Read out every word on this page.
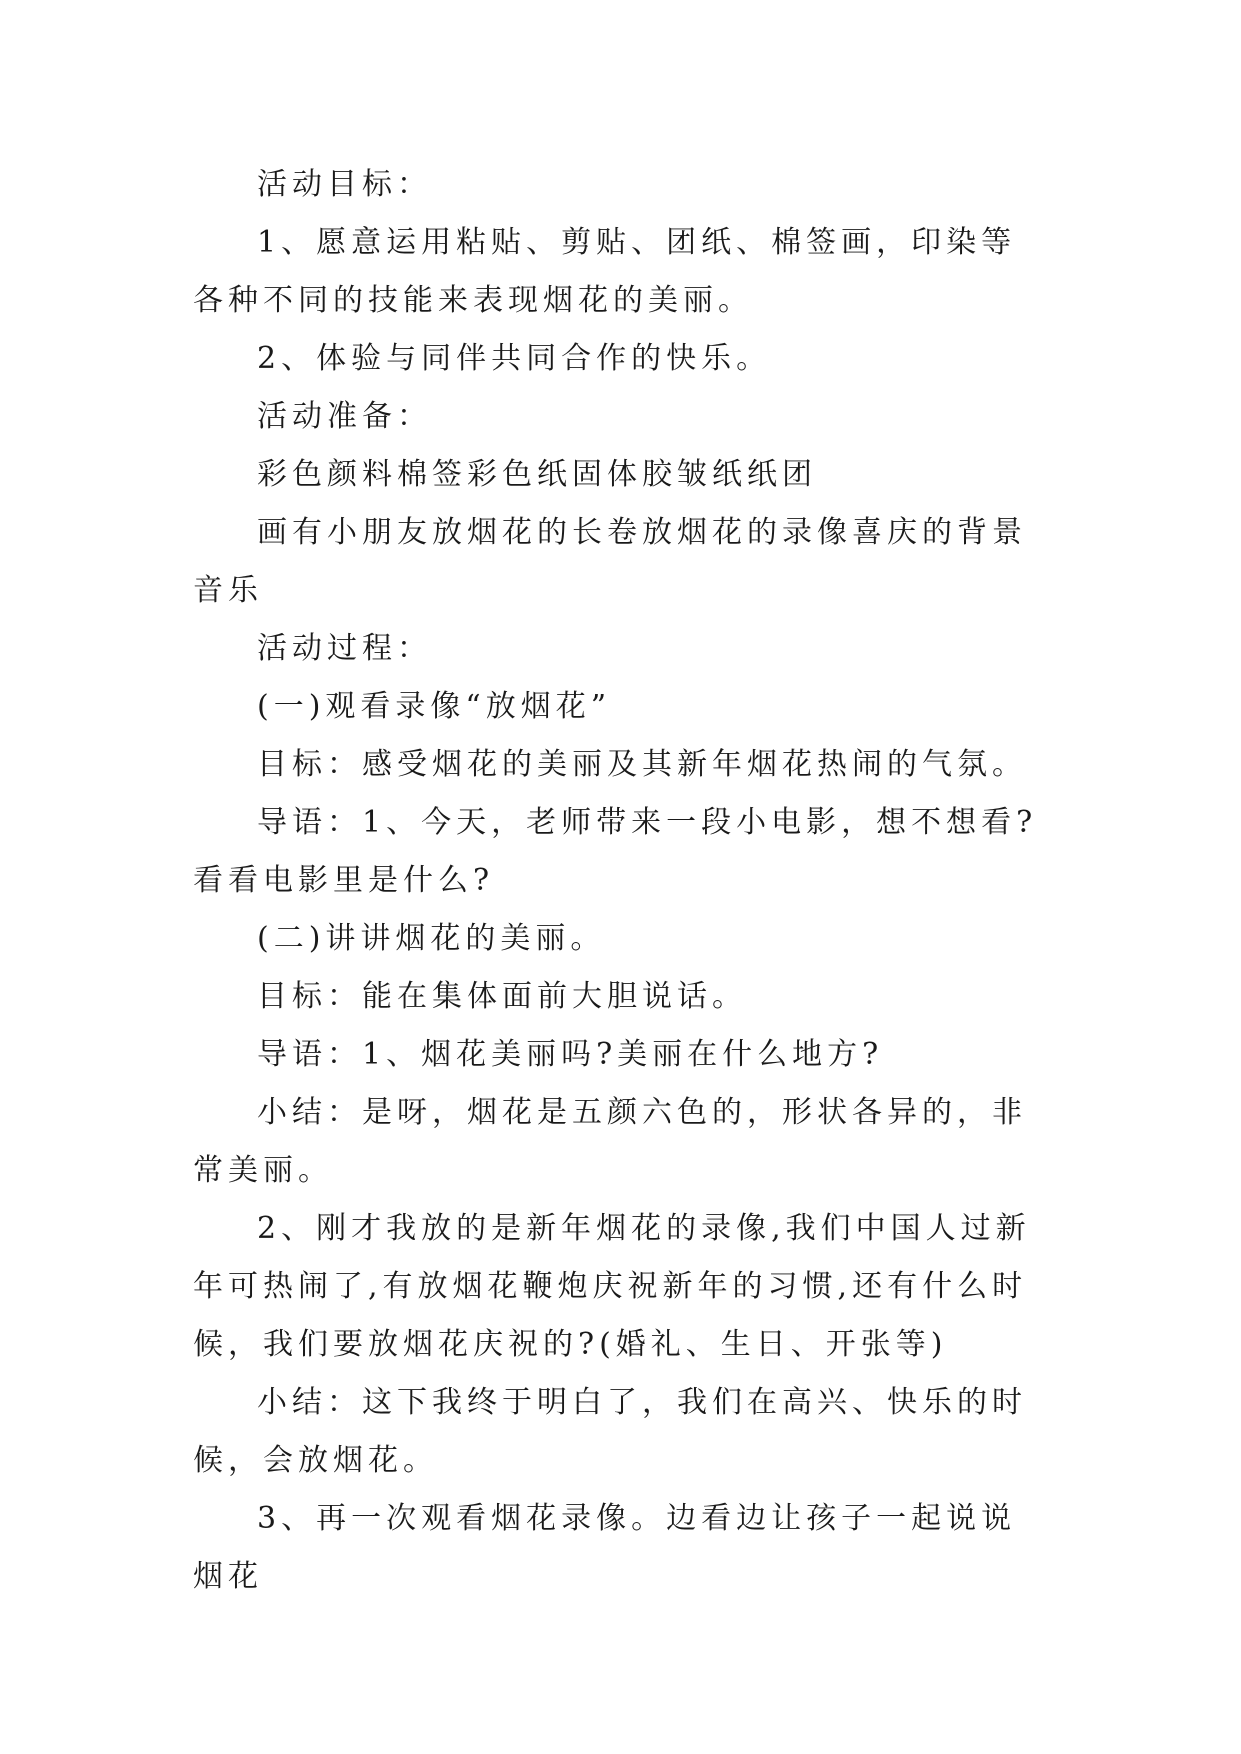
活动目标：

1、愿意运用粘贴、剪贴、团纸、棉签画，印染等各种不同的技能来表现烟花的美丽。

2、体验与同伴共同合作的快乐。

活动准备：

彩色颜料棉签彩色纸固体胶皱纸纸团

画有小朋友放烟花的长卷放烟花的录像喜庆的背景音乐

活动过程：

(一)观看录像“放烟花”

目标：感受烟花的美丽及其新年烟花热闹的气氛。

导语：1、今天，老师带来一段小电影，想不想看?看看电影里是什么?

(二)讲讲烟花的美丽。

目标：能在集体面前大胆说话。

导语：1、烟花美丽吗?美丽在什么地方?

小结：是呀，烟花是五颜六色的，形状各异的，非常美丽。

2、刚才我放的是新年烟花的录像,我们中国人过新年可热闹了,有放烟花鞭炮庆祝新年的习惯,还有什么时候，我们要放烟花庆祝的?(婚礼、生日、开张等)

小结：这下我终于明白了，我们在高兴、快乐的时候，会放烟花。

3、再一次观看烟花录像。边看边让孩子一起说说烟花
